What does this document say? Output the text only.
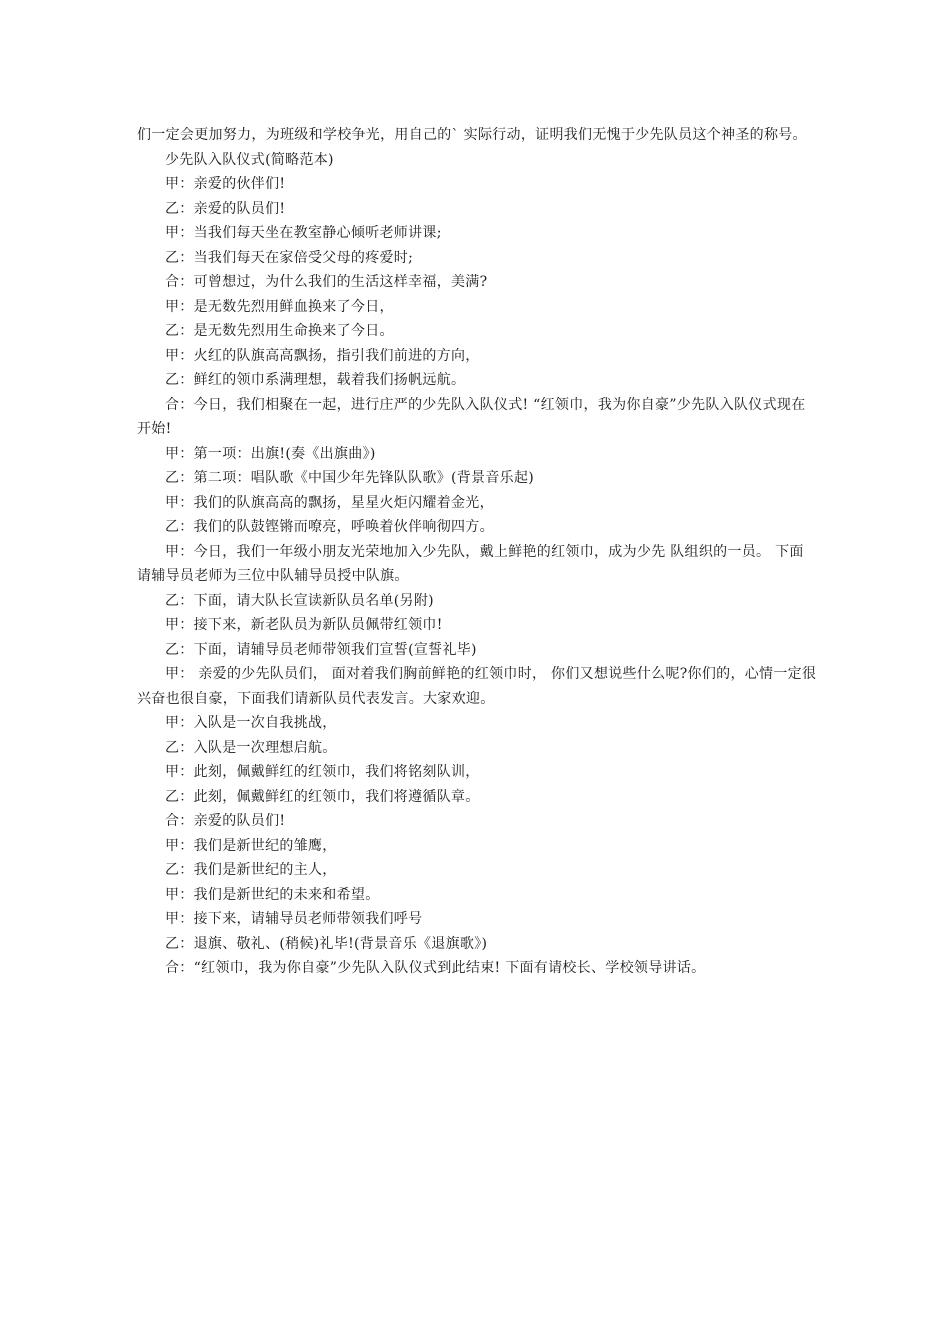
们一定会更加努力，为班级和学校争光，用自己的` 实际行动，证明我们无愧于少先队员这个神圣的称号。

少先队入队仪式(简略范本)

甲：亲爱的伙伴们!

乙：亲爱的队员们!

甲：当我们每天坐在教室静心倾听老师讲课;

乙：当我们每天在家倍受父母的疼爱时;

合：可曾想过，为什么我们的生活这样幸福，美满?

甲：是无数先烈用鲜血换来了今日，

乙：是无数先烈用生命换来了今日。

甲：火红的队旗高高飘扬，指引我们前进的方向，

乙：鲜红的领巾系满理想，载着我们扬帆远航。

合：今日，我们相聚在一起，进行庄严的少先队入队仪式! “红领巾，我为你自豪”少先队入队仪式现在开始!

甲：第一项：出旗!(奏《出旗曲》)

乙：第二项：唱队歌《中国少年先锋队队歌》(背景音乐起)

甲：我们的队旗高高的飘扬，星星火炬闪耀着金光，

乙：我们的队鼓铿锵而嘹亮，呼唤着伙伴响彻四方。

甲：今日，我们一年级小朋友光荣地加入少先队，戴上鲜艳的红领巾，成为少先 队组织的一员。 下面请辅导员老师为三位中队辅导员授中队旗。

乙：下面，请大队长宣读新队员名单(另附)

甲：接下来，新老队员为新队员佩带红领巾!

乙：下面，请辅导员老师带领我们宣誓(宣誓礼毕)

甲： 亲爱的少先队员们， 面对着我们胸前鲜艳的红领巾时， 你们又想说些什么呢?你们的，心情一定很兴奋也很自豪，下面我们请新队员代表发言。大家欢迎。

甲：入队是一次自我挑战，

乙：入队是一次理想启航。

甲：此刻，佩戴鲜红的红领巾，我们将铭刻队训，

乙：此刻，佩戴鲜红的红领巾，我们将遵循队章。

合：亲爱的队员们!

甲：我们是新世纪的雏鹰，

乙：我们是新世纪的主人，

甲：我们是新世纪的未来和希望。

甲：接下来，请辅导员老师带领我们呼号

乙：退旗、敬礼、(稍候)礼毕!(背景音乐《退旗歌》)

合：“红领巾，我为你自豪”少先队入队仪式到此结束! 下面有请校长、学校领导讲话。
